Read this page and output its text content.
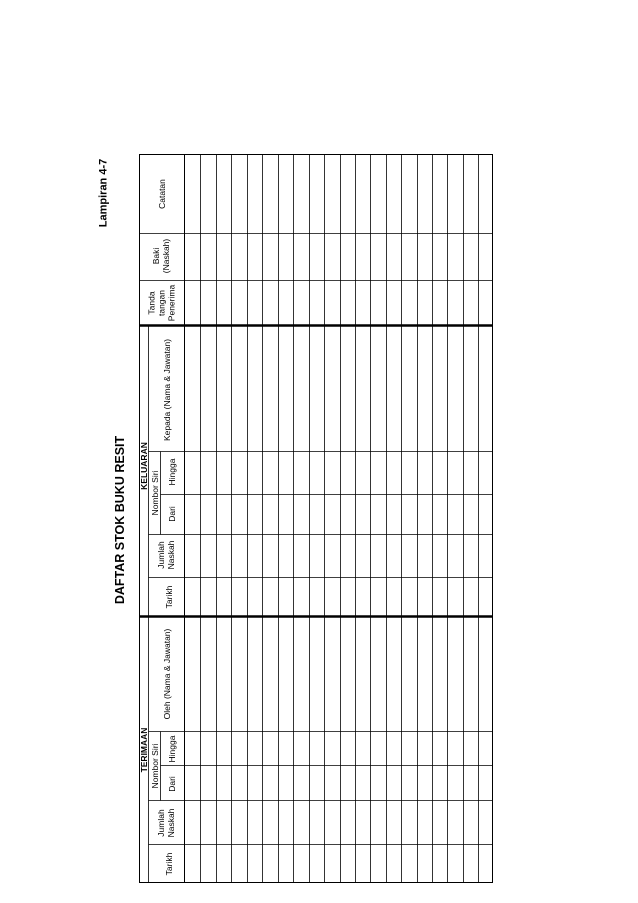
Lampiran 4-7
DAFTAR STOK BUKU RESIT
TERIMAAN
Tarikh
Jumlah
Naskah
Nombor Siri Dari
Hingga
Oleh (Nama & Jawatan)
KELUARAN
Tarikh
Jumlah
Naskah
Nombor Siri Dari
Hingga
Kepada (Nama & Jawatan)
Tanda
tangan
Penerima
Baki
(Naskah)
Catatan
